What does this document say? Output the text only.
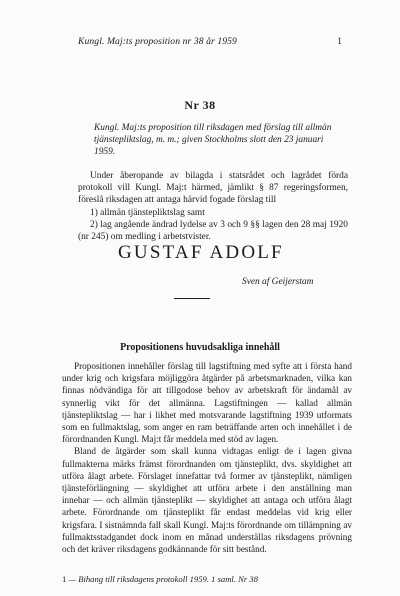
Kungl. Maj:ts proposition nr 38 år 1959	1
Nr 38
Kungl. Maj:ts proposition till riksdagen med förslag till allmän tjänstepliktslag, m. m.; given Stockholms slott den 23 januari 1959.

Under åberopande av bilagda i statsrådet och lagrådet förda protokoll vill Kungl. Maj:t härmed, jämlikt § 87 regeringsformen, föreslå riksdagen att antaga härvid fogade förslag till

1) allmän tjänstepliktslag samt

2) lag angående ändrad lydelse av 3 och 9 §§ lagen den 28 maj 1920 (nr 245) om medling i arbetstvister.

GUSTAF ADOLF
Sven af Geijerstam
Propositionens huvudsakliga innehåll

Propositionen innehåller förslag till lagstiftning med syfte att i första hand under krig och krigsfara möjliggöra åtgärder på arbetsmarknaden, vilka kan finnas nödvändiga för att tillgodose behov av arbetskraft för ändamål av synnerlig vikt för det allmänna. Lagstiftningen — kallad allmän tjänstepliktslag — har i likhet med motsvarande lagstiftning 1939 utformats som en fullmaktslag, som anger en ram beträffande arten och innehållet i de förordnanden Kungl. Maj:t får meddela med stöd av lagen.

Bland de åtgärder som skall kunna vidtagas enligt de i lagen givna fullmakterna märks främst förordnanden om tjänsteplikt, dvs. skyldighet att utföra ålagt arbete. Förslaget innefattar två former av tjänsteplikt, nämligen tjänsteförlängning — skyldighet att utföra arbete i den anställning man innehar — och allmän tjänsteplikt — skyldighet att antaga och utföra ålagt arbete. Förordnande om tjänsteplikt får endast meddelas vid krig eller krigsfara. I sistnämnda fall skall Kungl. Maj:ts förordnande om tillämpning av fullmaktsstadgandet dock inom en månad underställas riksdagens prövning och det kräver riksdagens godkännande för sitt bestånd.

1 — Bihang till riksdagens protokoll 1959. 1 saml. Nr 38
